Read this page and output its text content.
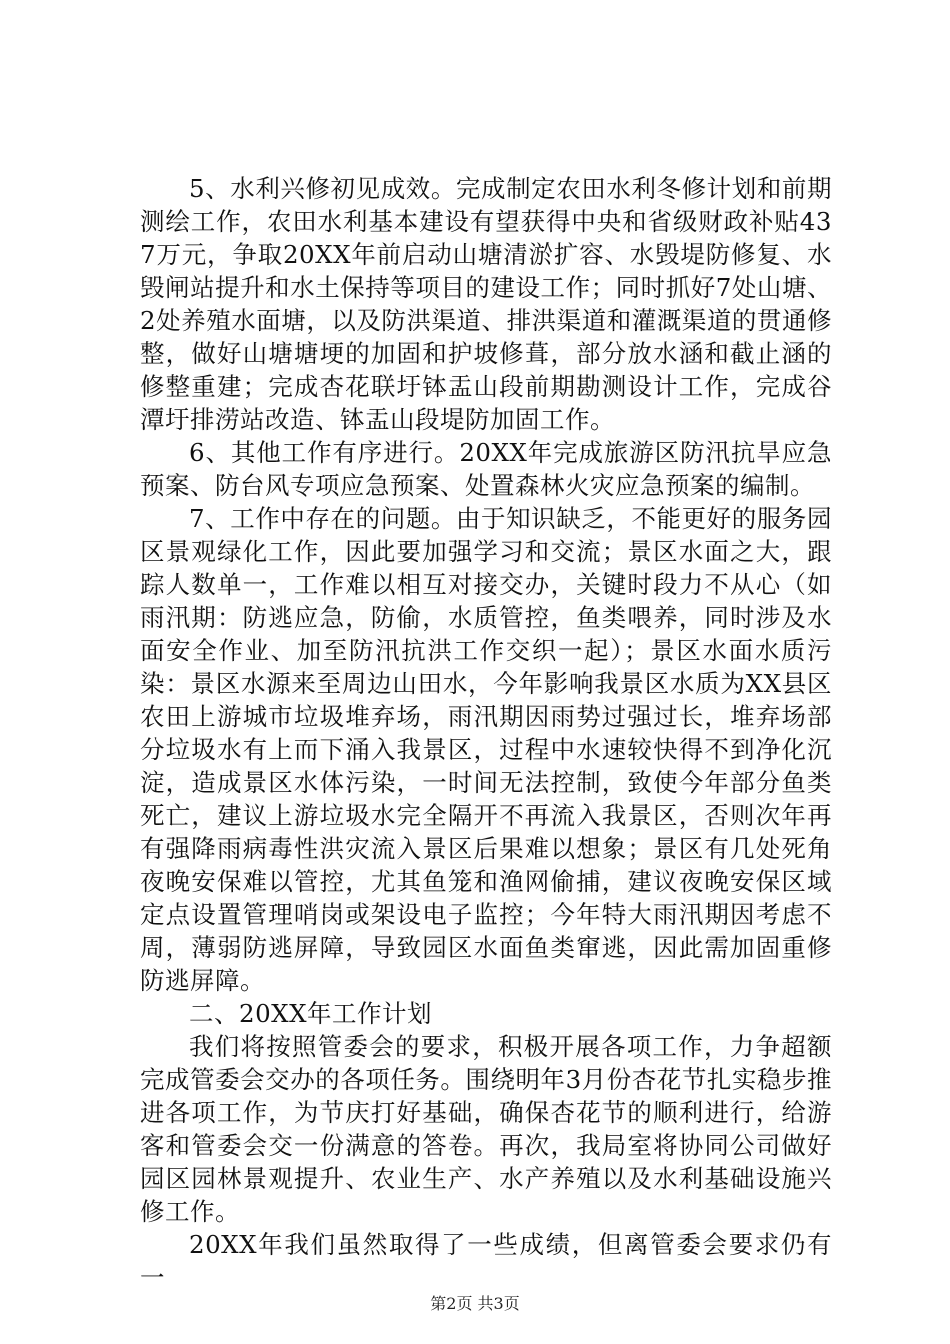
5、水利兴修初见成效。完成制定农田水利冬修计划和前期测绘工作，农田水利基本建设有望获得中央和省级财政补贴437万元，争取20XX年前启动山塘清淤扩容、水毁堤防修复、水毁闸站提升和水土保持等项目的建设工作；同时抓好7处山塘、2处养殖水面塘，以及防洪渠道、排洪渠道和灌溉渠道的贯通修整，做好山塘塘埂的加固和护坡修葺，部分放水涵和截止涵的修整重建；完成杏花联圩钵盂山段前期勘测设计工作，完成谷潭圩排涝站改造、钵盂山段堤防加固工作。

6、其他工作有序进行。20XX年完成旅游区防汛抗旱应急预案、防台风专项应急预案、处置森林火灾应急预案的编制。

7、工作中存在的问题。由于知识缺乏，不能更好的服务园区景观绿化工作，因此要加强学习和交流；景区水面之大，跟踪人数单一，工作难以相互对接交办，关键时段力不从心（如雨汛期：防逃应急，防偷，水质管控，鱼类喂养，同时涉及水面安全作业、加至防汛抗洪工作交织一起）；景区水面水质污染：景区水源来至周边山田水，今年影响我景区水质为XX县区农田上游城市垃圾堆弃场，雨汛期因雨势过强过长，堆弃场部分垃圾水有上而下涌入我景区，过程中水速较快得不到净化沉淀，造成景区水体污染，一时间无法控制，致使今年部分鱼类死亡，建议上游垃圾水完全隔开不再流入我景区，否则次年再有强降雨病毒性洪灾流入景区后果难以想象；景区有几处死角夜晚安保难以管控，尤其鱼笼和渔网偷捕，建议夜晚安保区域定点设置管理哨岗或架设电子监控；今年特大雨汛期因考虑不周，薄弱防逃屏障，导致园区水面鱼类窜逃，因此需加固重修防逃屏障。

二、20XX年工作计划

我们将按照管委会的要求，积极开展各项工作，力争超额完成管委会交办的各项任务。围绕明年3月份杏花节扎实稳步推进各项工作，为节庆打好基础，确保杏花节的顺利进行，给游客和管委会交一份满意的答卷。再次，我局室将协同公司做好园区园林景观提升、农业生产、水产养殖以及水利基础设施兴修工作。

20XX年我们虽然取得了一些成绩，但离管委会要求仍有一

第2页 共3页
